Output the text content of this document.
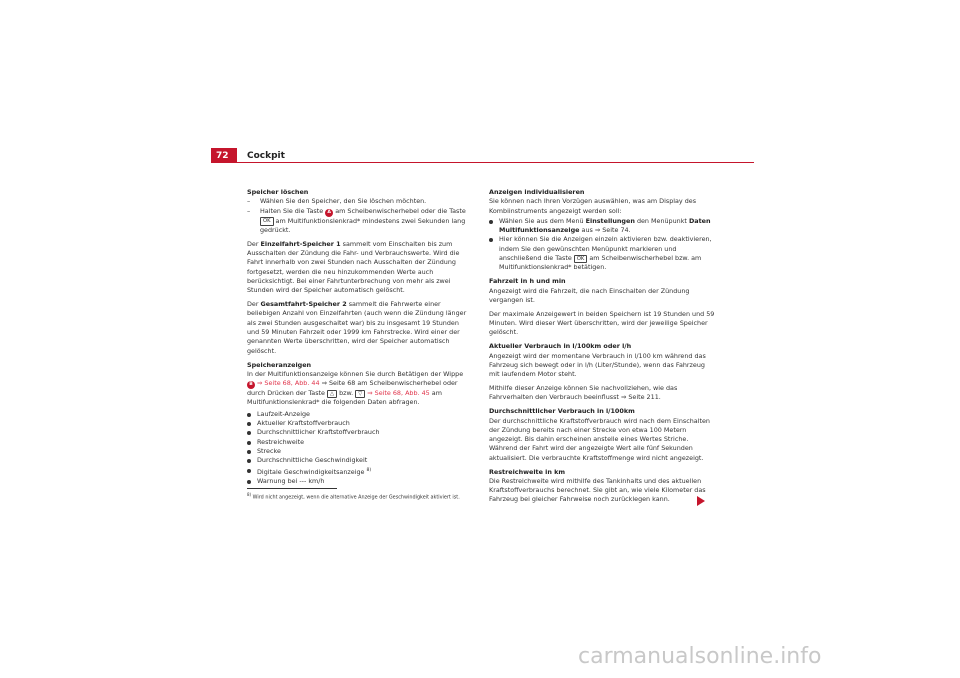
72 Cockpit
Speicher löschen
– Wählen Sie den Speicher, den Sie löschen möchten.
– Halten Sie die Taste A am Scheibenwischerhebel oder die Taste OK am Multifunktionslenkrad* mindestens zwei Sekunden lang gedrückt.

Der Einzelfahrt-Speicher 1 sammelt vom Einschalten bis zum Ausschalten der Zündung die Fahr- und Verbrauchswerte. Wird die Fahrt innerhalb von zwei Stunden nach Ausschalten der Zündung fortgesetzt, werden die neu hinzukommenden Werte auch berücksichtigt. Bei einer Fahrtunterbrechung von mehr als zwei Stunden wird der Speicher automatisch gelöscht.

Der Gesamtfahrt-Speicher 2 sammelt die Fahrwerte einer beliebigen Anzahl von Einzelfahrten (auch wenn die Zündung länger als zwei Stunden ausgeschaltet war) bis zu insgesamt 19 Stunden und 59 Minuten Fahrzeit oder 1999 km Fahrstrecke. Wird einer der genannten Werte überschritten, wird der Speicher automatisch gelöscht.

Speicheranzeigen

In der Multifunktionsanzeige können Sie durch Betätigen der Wippe B ⇒ Seite 68, Abb. 44 ⇒ Seite 68 am Scheibenwischerhebel oder durch Drücken der Taste △ bzw. ▽ ⇒ Seite 68, Abb. 45 am Multifunktionslenkrad* die folgenden Daten abfragen.

Laufzeit-Anzeige
Aktueller Kraftstoffverbrauch
Durchschnittlicher Kraftstoffverbrauch
Restreichweite
Strecke
Durchschnittliche Geschwindigkeit
Digitale Geschwindigkeitsanzeige $^{8)}$
Warnung bei --- km/h
$^{8)}$ Wird nicht angezeigt, wenn die alternative Anzeige der Geschwindigkeit aktiviert ist.
Anzeigen individualisieren

Sie können nach Ihren Vorzügen auswählen, was am Display des Kombiinstruments angezeigt werden soll:

Wählen Sie aus dem Menü Einstellungen den Menüpunkt Daten Multifunktionsanzeige aus ⇒ Seite 74.
Hier können Sie die Anzeigen einzeln aktivieren bzw. deaktivieren, indem Sie den gewünschten Menüpunkt markieren und anschließend die Taste OK am Scheibenwischerhebel bzw. am Multifunktionslenkrad* betätigen.
Fahrzeit in h und min

Angezeigt wird die Fahrzeit, die nach Einschalten der Zündung vergangen ist.

Der maximale Anzeigewert in beiden Speichern ist 19 Stunden und 59 Minuten. Wird dieser Wert überschritten, wird der jeweilige Speicher gelöscht.

Aktueller Verbrauch in l/100km oder l/h

Angezeigt wird der momentane Verbrauch in l/100 km während das Fahrzeug sich bewegt oder in l/h (Liter/Stunde), wenn das Fahrzeug mit laufendem Motor steht.

Mithilfe dieser Anzeige können Sie nachvollziehen, wie das Fahrverhalten den Verbrauch beeinflusst ⇒ Seite 211.

Durchschnittlicher Verbrauch in l/100km

Der durchschnittliche Kraftstoffverbrauch wird nach dem Einschalten der Zündung bereits nach einer Strecke von etwa 100 Metern angezeigt. Bis dahin erscheinen anstelle eines Wertes Striche. Während der Fahrt wird der angezeigte Wert alle fünf Sekunden aktualisiert. Die verbrauchte Kraftstoffmenge wird nicht angezeigt.

Restreichweite in km

Die Restreichweite wird mithilfe des Tankinhalts und des aktuellen Kraftstoffverbrauchs berechnet. Sie gibt an, wie viele Kilometer das Fahrzeug bei gleicher Fahrweise noch zurücklegen kann.

carmanualsonline.info
